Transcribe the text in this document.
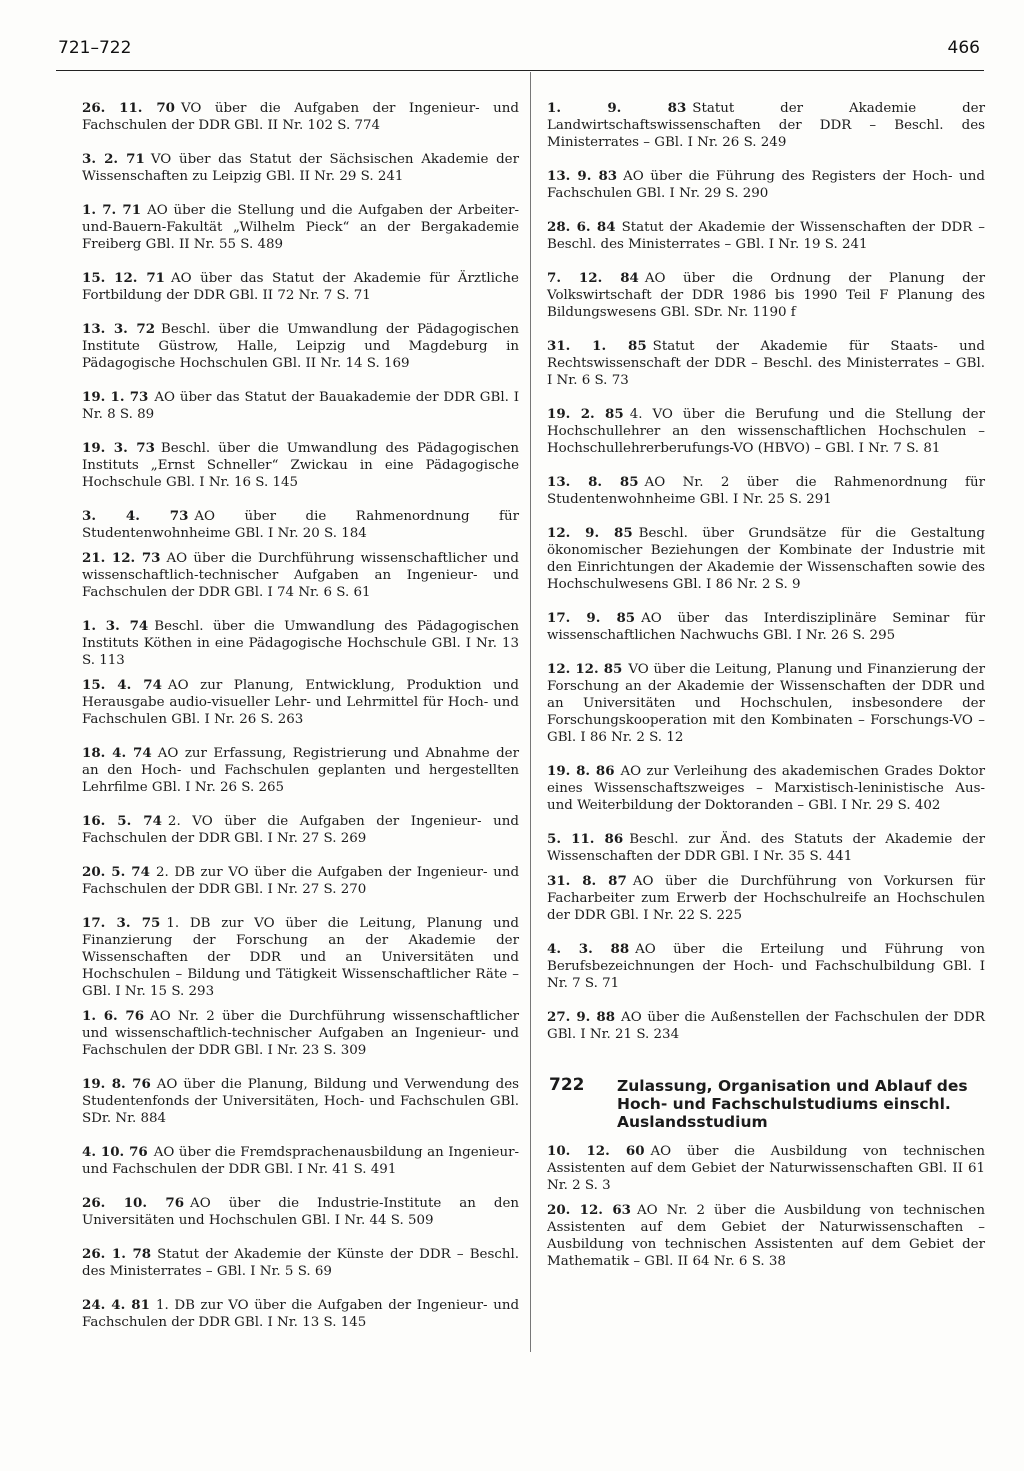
721–722	466

26. 11. 70 VO über die Aufgaben der Ingenieur- und Fachschulen der DDR GBl. II Nr. 102 S. 774

3. 2. 71 VO über das Statut der Sächsischen Akademie der Wissenschaften zu Leipzig GBl. II Nr. 29 S. 241

1. 7. 71 AO über die Stellung und die Aufgaben der Arbeiter-und-Bauern-Fakultät „Wilhelm Pieck“ an der Bergakademie Freiberg GBl. II Nr. 55 S. 489

15. 12. 71 AO über das Statut der Akademie für Ärztliche Fortbildung der DDR GBl. II 72 Nr. 7 S. 71

13. 3. 72 Beschl. über die Umwandlung der Pädagogischen Institute Güstrow, Halle, Leipzig und Magdeburg in Pädagogische Hochschulen GBl. II Nr. 14 S. 169

19. 1. 73 AO über das Statut der Bauakademie der DDR GBl. I Nr. 8 S. 89

19. 3. 73 Beschl. über die Umwandlung des Pädagogischen Instituts „Ernst Schneller“ Zwickau in eine Pädagogische Hochschule GBl. I Nr. 16 S. 145

3. 4. 73 AO über die Rahmenordnung für Studentenwohnheime GBl. I Nr. 20 S. 184

21. 12. 73 AO über die Durchführung wissenschaftlicher und wissenschaftlich-technischer Aufgaben an Ingenieur- und Fachschulen der DDR GBl. I 74 Nr. 6 S. 61

1. 3. 74 Beschl. über die Umwandlung des Pädagogischen Instituts Köthen in eine Pädagogische Hochschule GBl. I Nr. 13 S. 113

15. 4. 74 AO zur Planung, Entwicklung, Produktion und Herausgabe audio-visueller Lehr- und Lehrmittel für Hoch- und Fachschulen GBl. I Nr. 26 S. 263

18. 4. 74 AO zur Erfassung, Registrierung und Abnahme der an den Hoch- und Fachschulen geplanten und hergestellten Lehrfilme GBl. I Nr. 26 S. 265

16. 5. 74 2. VO über die Aufgaben der Ingenieur- und Fachschulen der DDR GBl. I Nr. 27 S. 269

20. 5. 74 2. DB zur VO über die Aufgaben der Ingenieur- und Fachschulen der DDR GBl. I Nr. 27 S. 270

17. 3. 75 1. DB zur VO über die Leitung, Planung und Finanzierung der Forschung an der Akademie der Wissenschaften der DDR und an Universitäten und Hochschulen – Bildung und Tätigkeit Wissenschaftlicher Räte – GBl. I Nr. 15 S. 293

1. 6. 76 AO Nr. 2 über die Durchführung wissenschaftlicher und wissenschaftlich-technischer Aufgaben an Ingenieur- und Fachschulen der DDR GBl. I Nr. 23 S. 309

19. 8. 76 AO über die Planung, Bildung und Verwendung des Studentenfonds der Universitäten, Hoch- und Fachschulen GBl. SDr. Nr. 884

4. 10. 76 AO über die Fremdsprachenausbildung an Ingenieur- und Fachschulen der DDR GBl. I Nr. 41 S. 491

26. 10. 76 AO über die Industrie-Institute an den Universitäten und Hochschulen GBl. I Nr. 44 S. 509

26. 1. 78 Statut der Akademie der Künste der DDR – Beschl. des Ministerrates – GBl. I Nr. 5 S. 69

24. 4. 81 1. DB zur VO über die Aufgaben der Ingenieur- und Fachschulen der DDR GBl. I Nr. 13 S. 145

1. 9. 83 Statut der Akademie der Landwirtschaftswissenschaften der DDR – Beschl. des Ministerrates – GBl. I Nr. 26 S. 249

13. 9. 83 AO über die Führung des Registers der Hoch- und Fachschulen GBl. I Nr. 29 S. 290

28. 6. 84 Statut der Akademie der Wissenschaften der DDR – Beschl. des Ministerrates – GBl. I Nr. 19 S. 241

7. 12. 84 AO über die Ordnung der Planung der Volkswirtschaft der DDR 1986 bis 1990 Teil F Planung des Bildungswesens GBl. SDr. Nr. 1190 f

31. 1. 85 Statut der Akademie für Staats- und Rechtswissenschaft der DDR – Beschl. des Ministerrates – GBl. I Nr. 6 S. 73

19. 2. 85 4. VO über die Berufung und die Stellung der Hochschullehrer an den wissenschaftlichen Hochschulen – Hochschullehrerberufungs-VO (HBVO) – GBl. I Nr. 7 S. 81

13. 8. 85 AO Nr. 2 über die Rahmenordnung für Studentenwohnheime GBl. I Nr. 25 S. 291

12. 9. 85 Beschl. über Grundsätze für die Gestaltung ökonomischer Beziehungen der Kombinate der Industrie mit den Einrichtungen der Akademie der Wissenschaften sowie des Hochschulwesens GBl. I 86 Nr. 2 S. 9

17. 9. 85 AO über das Interdisziplinäre Seminar für wissenschaftlichen Nachwuchs GBl. I Nr. 26 S. 295

12. 12. 85 VO über die Leitung, Planung und Finanzierung der Forschung an der Akademie der Wissenschaften der DDR und an Universitäten und Hochschulen, insbesondere der Forschungskooperation mit den Kombinaten – Forschungs-VO – GBl. I 86 Nr. 2 S. 12

19. 8. 86 AO zur Verleihung des akademischen Grades Doktor eines Wissenschaftszweiges – Marxistisch-leninistische Aus- und Weiterbildung der Doktoranden – GBl. I Nr. 29 S. 402

5. 11. 86 Beschl. zur Änd. des Statuts der Akademie der Wissenschaften der DDR GBl. I Nr. 35 S. 441

31. 8. 87 AO über die Durchführung von Vorkursen für Facharbeiter zum Erwerb der Hochschulreife an Hochschulen der DDR GBl. I Nr. 22 S. 225

4. 3. 88 AO über die Erteilung und Führung von Berufsbezeichnungen der Hoch- und Fachschulbildung GBl. I Nr. 7 S. 71

27. 9. 88 AO über die Außenstellen der Fachschulen der DDR GBl. I Nr. 21 S. 234

722 Zulassung, Organisation und Ablauf des Hoch- und Fachschulstudiums einschl. Auslandsstudium

10. 12. 60 AO über die Ausbildung von technischen Assistenten auf dem Gebiet der Naturwissenschaften GBl. II 61 Nr. 2 S. 3

20. 12. 63 AO Nr. 2 über die Ausbildung von technischen Assistenten auf dem Gebiet der Naturwissenschaften – Ausbildung von technischen Assistenten auf dem Gebiet der Mathematik – GBl. II 64 Nr. 6 S. 38
